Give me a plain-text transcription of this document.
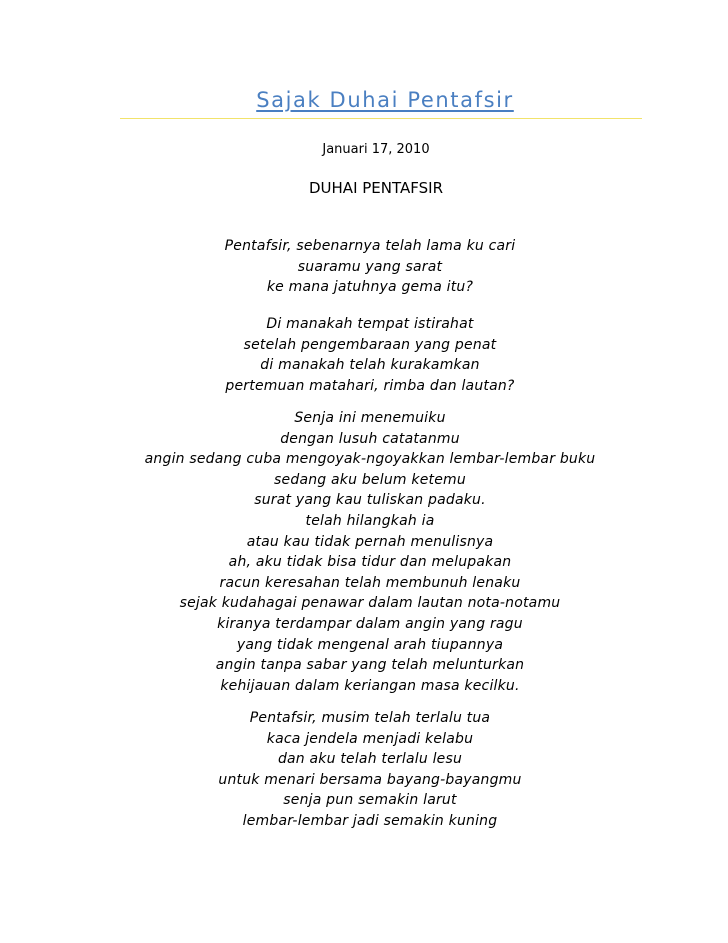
Sajak Duhai Pentafsir
Januari 17, 2010
DUHAI PENTAFSIR
Pentafsir, sebenarnya telah lama ku cari
suaramu yang sarat
ke mana jatuhnya gema itu?
Di manakah tempat istirahat
setelah pengembaraan yang penat
di manakah telah kurakamkan
pertemuan matahari, rimba dan lautan?
Senja ini menemuiku
dengan lusuh catatanmu
angin sedang cuba mengoyak-ngoyakkan lembar-lembar buku
sedang aku belum ketemu
surat yang kau tuliskan padaku.
telah hilangkah ia
atau kau tidak pernah menulisnya
ah, aku tidak bisa tidur dan melupakan
racun keresahan telah membunuh lenaku
sejak kudahagai penawar dalam lautan nota-notamu
kiranya terdampar dalam angin yang ragu
yang tidak mengenal arah tiupannya
angin tanpa sabar yang telah melunturkan
kehijauan dalam keriangan masa kecilku.
Pentafsir, musim telah terlalu tua
kaca jendela menjadi kelabu
dan aku telah terlalu lesu
untuk menari bersama bayang-bayangmu
senja pun semakin larut
lembar-lembar jadi semakin kuning
